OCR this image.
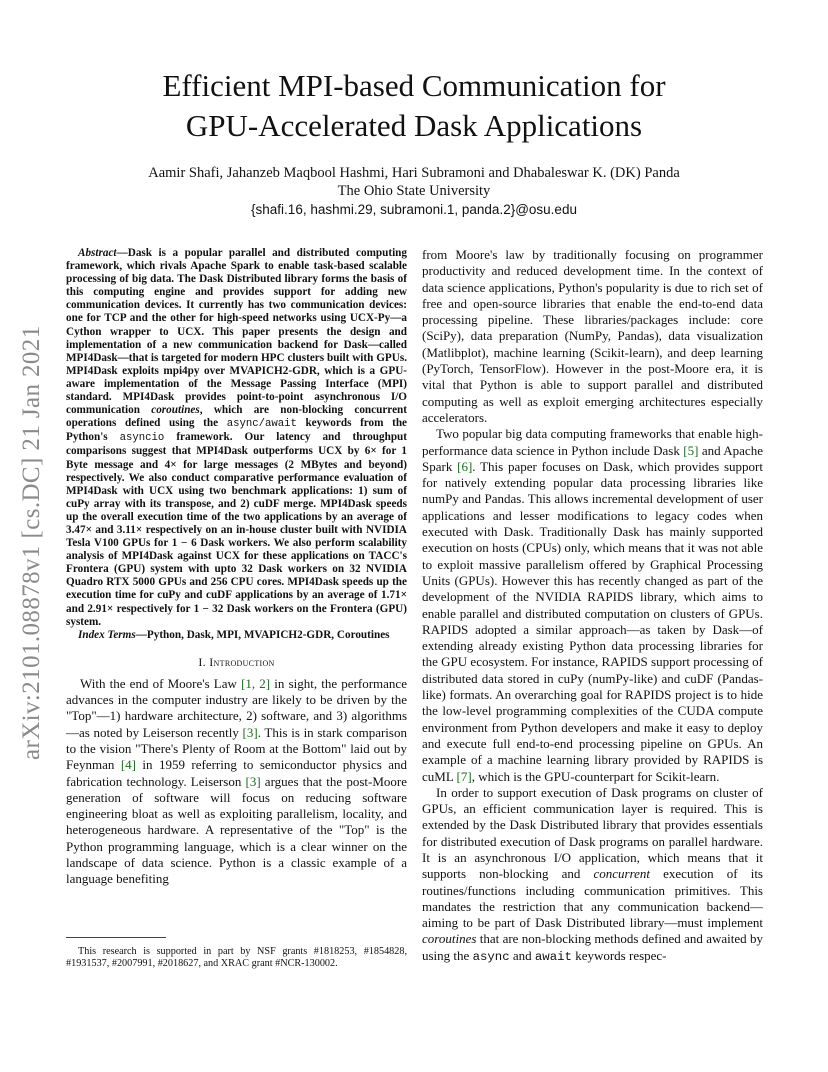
arXiv:2101.08878v1 [cs.DC] 21 Jan 2021
Efficient MPI-based Communication for
GPU-Accelerated Dask Applications
Aamir Shafi, Jahanzeb Maqbool Hashmi, Hari Subramoni and Dhabaleswar K. (DK) Panda
The Ohio State University
{shafi.16, hashmi.29, subramoni.1, panda.2}@osu.edu

Abstract—Dask is a popular parallel and distributed computing framework, which rivals Apache Spark to enable task-based scalable processing of big data. The Dask Distributed library forms the basis of this computing engine and provides support for adding new communication devices. It currently has two communication devices: one for TCP and the other for high-speed networks using UCX-Py—a Cython wrapper to UCX. This paper presents the design and implementation of a new communication backend for Dask—called MPI4Dask—that is targeted for modern HPC clusters built with GPUs. MPI4Dask exploits mpi4py over MVAPICH2-GDR, which is a GPU-aware implementation of the Message Passing Interface (MPI) standard. MPI4Dask provides point-to-point asynchronous I/O communication coroutines, which are non-blocking concurrent operations defined using the async/await keywords from the Python's asyncio framework. Our latency and throughput comparisons suggest that MPI4Dask outperforms UCX by 6× for 1 Byte message and 4× for large messages (2 MBytes and beyond) respectively. We also conduct comparative performance evaluation of MPI4Dask with UCX using two benchmark applications: 1) sum of cuPy array with its transpose, and 2) cuDF merge. MPI4Dask speeds up the overall execution time of the two applications by an average of 3.47× and 3.11× respectively on an in-house cluster built with NVIDIA Tesla V100 GPUs for 1 − 6 Dask workers. We also perform scalability analysis of MPI4Dask against UCX for these applications on TACC's Frontera (GPU) system with upto 32 Dask workers on 32 NVIDIA Quadro RTX 5000 GPUs and 256 CPU cores. MPI4Dask speeds up the execution time for cuPy and cuDF applications by an average of 1.71× and 2.91× respectively for 1 − 32 Dask workers on the Frontera (GPU) system.

Index Terms—Python, Dask, MPI, MVAPICH2-GDR, Coroutines

I. Introduction

With the end of Moore's Law [1, 2] in sight, the performance advances in the computer industry are likely to be driven by the "Top"—1) hardware architecture, 2) software, and 3) algorithms—as noted by Leiserson recently [3]. This is in stark comparison to the vision "There's Plenty of Room at the Bottom" laid out by Feynman [4] in 1959 referring to semiconductor physics and fabrication technology. Leiserson [3] argues that the post-Moore generation of software will focus on reducing software engineering bloat as well as exploiting parallelism, locality, and heterogeneous hardware. A representative of the "Top" is the Python programming language, which is a clear winner on the landscape of data science. Python is a classic example of a language benefiting

This research is supported in part by NSF grants #1818253, #1854828, #1931537, #2007991, #2018627, and XRAC grant #NCR-130002.

from Moore's law by traditionally focusing on programmer productivity and reduced development time. In the context of data science applications, Python's popularity is due to rich set of free and open-source libraries that enable the end-to-end data processing pipeline. These libraries/packages include: core (SciPy), data preparation (NumPy, Pandas), data visualization (Matlibplot), machine learning (Scikit-learn), and deep learning (PyTorch, TensorFlow). However in the post-Moore era, it is vital that Python is able to support parallel and distributed computing as well as exploit emerging architectures especially accelerators.

Two popular big data computing frameworks that enable high-performance data science in Python include Dask [5] and Apache Spark [6]. This paper focuses on Dask, which provides support for natively extending popular data processing libraries like numPy and Pandas. This allows incremental development of user applications and lesser modifications to legacy codes when executed with Dask. Traditionally Dask has mainly supported execution on hosts (CPUs) only, which means that it was not able to exploit massive parallelism offered by Graphical Processing Units (GPUs). However this has recently changed as part of the development of the NVIDIA RAPIDS library, which aims to enable parallel and distributed computation on clusters of GPUs. RAPIDS adopted a similar approach—as taken by Dask—of extending already existing Python data processing libraries for the GPU ecosystem. For instance, RAPIDS support processing of distributed data stored in cuPy (numPy-like) and cuDF (Pandas-like) formats. An overarching goal for RAPIDS project is to hide the low-level programming complexities of the CUDA compute environment from Python developers and make it easy to deploy and execute full end-to-end processing pipeline on GPUs. An example of a machine learning library provided by RAPIDS is cuML [7], which is the GPU-counterpart for Scikit-learn.

In order to support execution of Dask programs on cluster of GPUs, an efficient communication layer is required. This is extended by the Dask Distributed library that provides essentials for distributed execution of Dask programs on parallel hardware. It is an asynchronous I/O application, which means that it supports non-blocking and concurrent execution of its routines/functions including communication primitives. This mandates the restriction that any communication backend—aiming to be part of Dask Distributed library—must implement coroutines that are non-blocking methods defined and awaited by using the async and await keywords respec-
